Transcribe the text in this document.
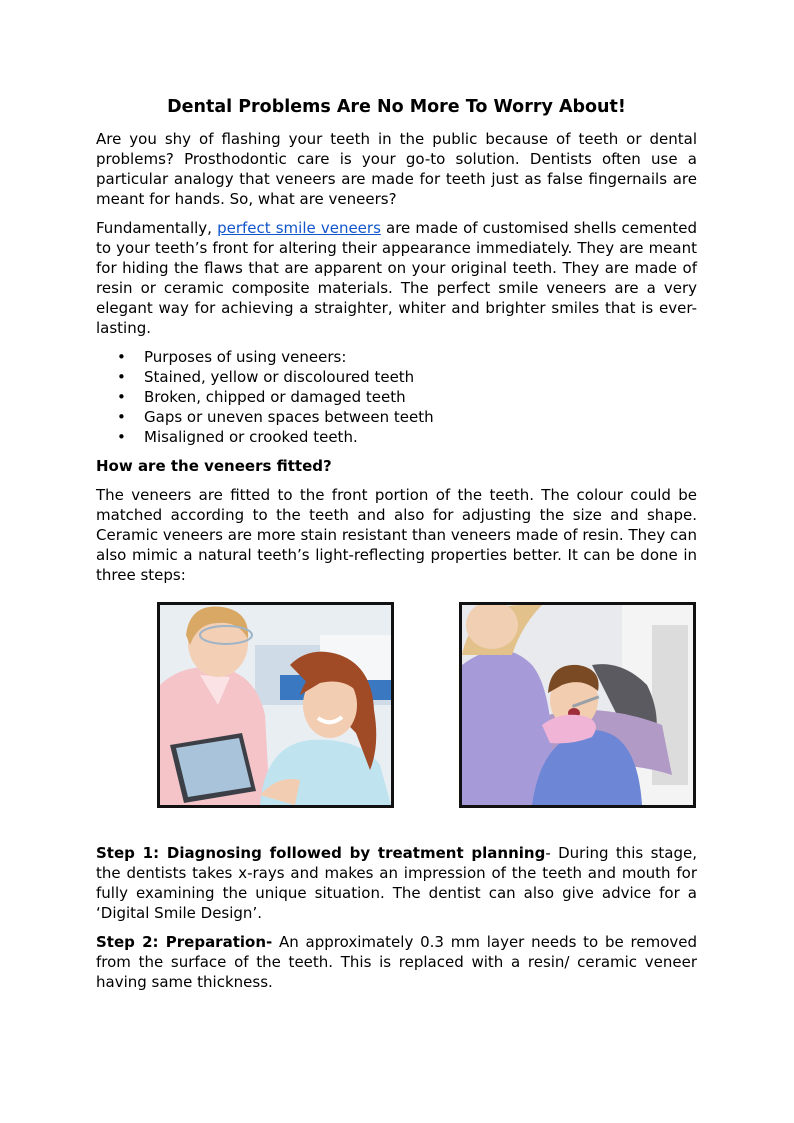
Dental Problems Are No More To Worry About!

Are you shy of flashing your teeth in the public because of teeth or dental problems? Prosthodontic care is your go-to solution. Dentists often use a particular analogy that veneers are made for teeth just as false fingernails are meant for hands. So, what are veneers?

Fundamentally, perfect smile veneers are made of customised shells cemented to your teeth’s front for altering their appearance immediately. They are meant for hiding the flaws that are apparent on your original teeth. They are made of resin or ceramic composite materials. The perfect smile veneers are a very elegant way for achieving a straighter, whiter and brighter smiles that is ever-lasting.

• Purposes of using veneers:
• Stained, yellow or discoloured teeth
• Broken, chipped or damaged teeth
• Gaps or uneven spaces between teeth
• Misaligned or crooked teeth.
How are the veneers fitted?

The veneers are fitted to the front portion of the teeth. The colour could be matched according to the teeth and also for adjusting the size and shape. Ceramic veneers are more stain resistant than veneers made of resin. They can also mimic a natural teeth’s light-reflecting properties better. It can be done in three steps:

Step 1: Diagnosing followed by treatment planning- During this stage, the dentists takes x-rays and makes an impression of the teeth and mouth for fully examining the unique situation. The dentist can also give advice for a ‘Digital Smile Design’.

Step 2: Preparation- An approximately 0.3 mm layer needs to be removed from the surface of the teeth. This is replaced with a resin/ ceramic veneer having same thickness.
